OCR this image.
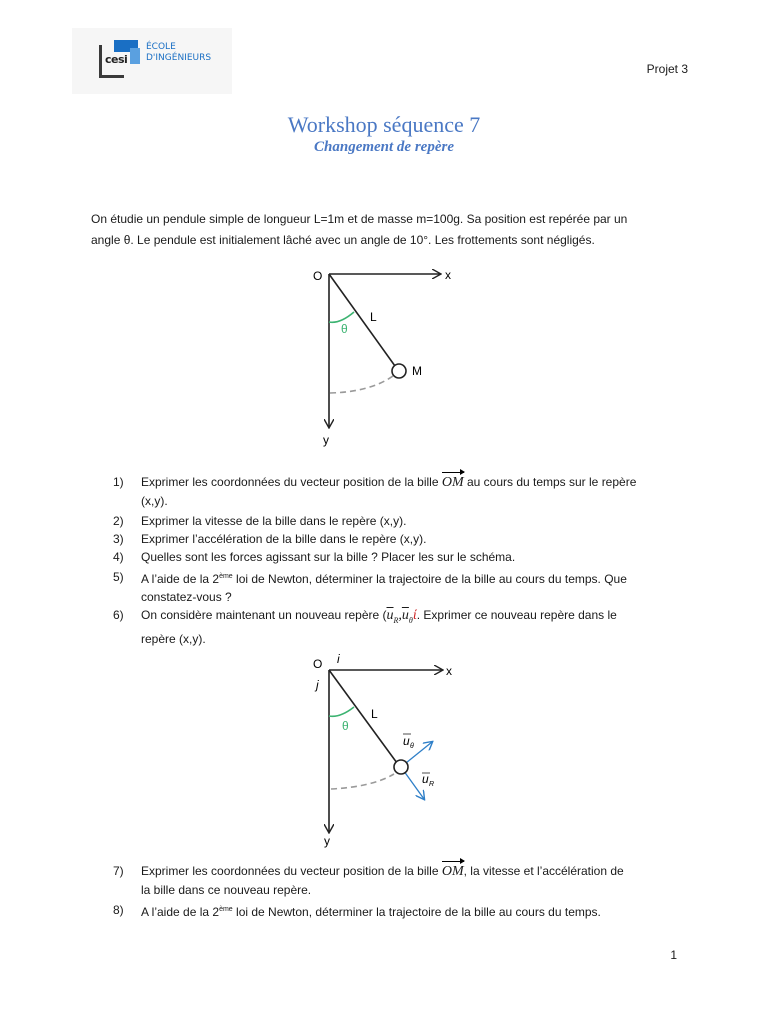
cesi
ÉCOLE
D'INGÉNIEURS
Projet 3
Workshop séquence 7
Changement de repère
On étudie un pendule simple de longueur L=1m et de masse m=100g. Sa position est repérée par un
angle θ. Le pendule est initialement lâché avec un angle de 10°. Les frottements sont négligés.
O	x
y
L
θ
M
1)	Exprimer les coordonnées du vecteur position de la bille OM au cours du temps sur le repère
(x,y).
2)	Exprimer la vitesse de la bille dans le repère (x,y).
3)	Exprimer l’accélération de la bille dans le repère (x,y).
4)	Quelles sont les forces agissant sur la bille ? Placer les sur le schéma.
5)	A l’aide de la 2ème loi de Newton, déterminer la trajectoire de la bille au cours du temps. Que
constatez-vous ?
6)	On considère maintenant un nouveau repère ($\overline{u}_R,\overline{u}_\theta ί$. Exprimer ce nouveau repère dans le
repère (x,y).
O	x
y
L
θ
i
j
u θ
u R
7)	Exprimer les coordonnées du vecteur position de la bille OM, la vitesse et l’accélération de
la bille dans ce nouveau repère.
8)	A l’aide de la 2ème loi de Newton, déterminer la trajectoire de la bille au cours du temps.
1
